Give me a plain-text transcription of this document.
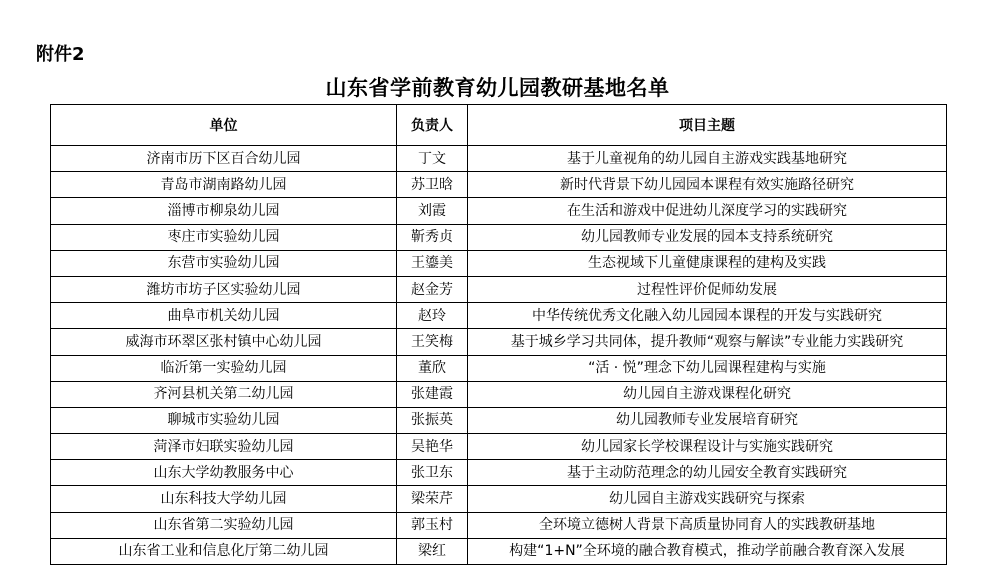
附件2
山东省学前教育幼儿园教研基地名单
单位	负责人	项目主题
济南市历下区百合幼儿园	丁文	基于儿童视角的幼儿园自主游戏实践基地研究
青岛市湖南路幼儿园	苏卫晗	新时代背景下幼儿园园本课程有效实施路径研究
淄博市柳泉幼儿园	刘霞	在生活和游戏中促进幼儿深度学习的实践研究
枣庄市实验幼儿园	靳秀贞	幼儿园教师专业发展的园本支持系统研究
东营市实验幼儿园	王鎏美	生态视域下儿童健康课程的建构及实践
潍坊市坊子区实验幼儿园	赵金芳	过程性评价促师幼发展
曲阜市机关幼儿园	赵玲	中华传统优秀文化融入幼儿园园本课程的开发与实践研究
威海市环翠区张村镇中心幼儿园	王笑梅	基于城乡学习共同体，提升教师“观察与解读”专业能力实践研究
临沂第一实验幼儿园	董欣	“活 · 悦”理念下幼儿园课程建构与实施
齐河县机关第二幼儿园	张建霞	幼儿园自主游戏课程化研究
聊城市实验幼儿园	张振英	幼儿园教师专业发展培育研究
菏泽市妇联实验幼儿园	吴艳华	幼儿园家长学校课程设计与实施实践研究
山东大学幼教服务中心	张卫东	基于主动防范理念的幼儿园安全教育实践研究
山东科技大学幼儿园	梁荣芹	幼儿园自主游戏实践研究与探索
山东省第二实验幼儿园	郭玉村	全环境立德树人背景下高质量协同育人的实践教研基地
山东省工业和信息化厅第二幼儿园	梁红	构建“1+N”全环境的融合教育模式，推动学前融合教育深入发展
